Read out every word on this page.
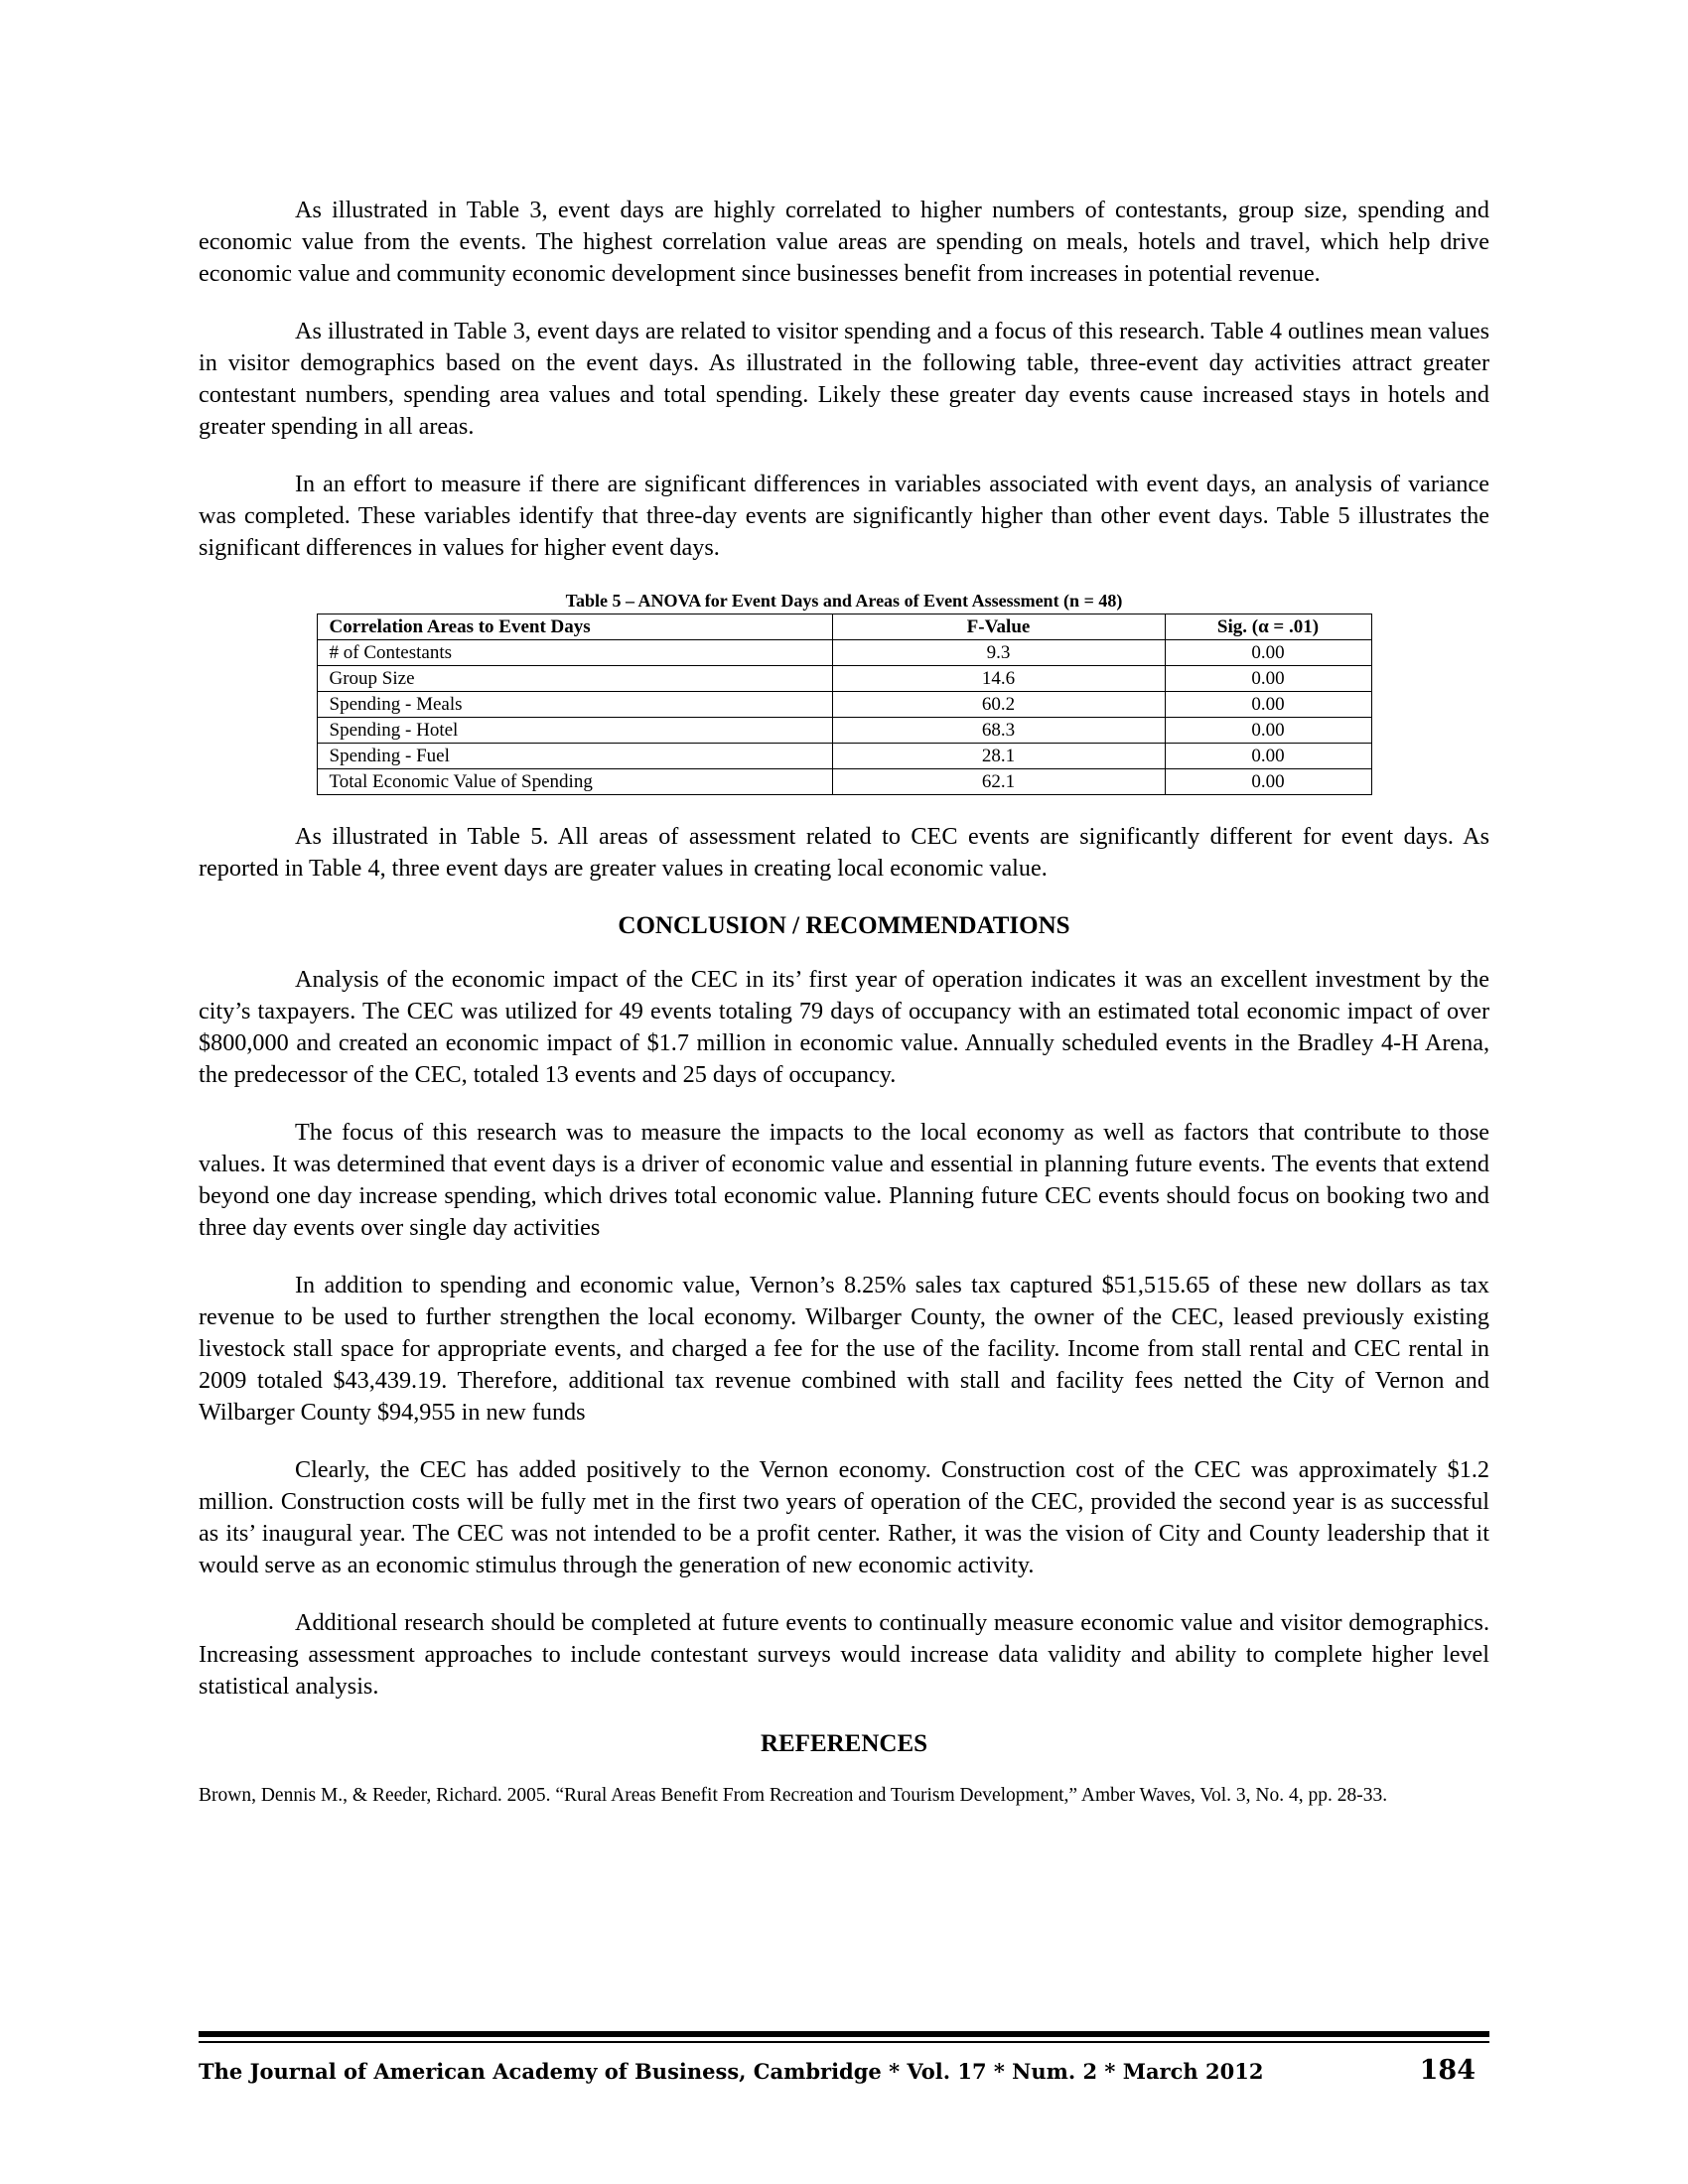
As illustrated in Table 3, event days are highly correlated to higher numbers of contestants, group size, spending and economic value from the events. The highest correlation value areas are spending on meals, hotels and travel, which help drive economic value and community economic development since businesses benefit from increases in potential revenue.

As illustrated in Table 3, event days are related to visitor spending and a focus of this research. Table 4 outlines mean values in visitor demographics based on the event days. As illustrated in the following table, three-event day activities attract greater contestant numbers, spending area values and total spending. Likely these greater day events cause increased stays in hotels and greater spending in all areas.

In an effort to measure if there are significant differences in variables associated with event days, an analysis of variance was completed. These variables identify that three-day events are significantly higher than other event days. Table 5 illustrates the significant differences in values for higher event days.

Table 5 – ANOVA for Event Days and Areas of Event Assessment (n = 48)
Correlation Areas to Event Days	F-Value	Sig. (α = .01)
# of Contestants	9.3	0.00
Group Size	14.6	0.00
Spending - Meals	60.2	0.00
Spending - Hotel	68.3	0.00
Spending - Fuel	28.1	0.00
Total Economic Value of Spending	62.1	0.00

As illustrated in Table 5. All areas of assessment related to CEC events are significantly different for event days. As reported in Table 4, three event days are greater values in creating local economic value.

CONCLUSION / RECOMMENDATIONS

Analysis of the economic impact of the CEC in its’ first year of operation indicates it was an excellent investment by the city’s taxpayers. The CEC was utilized for 49 events totaling 79 days of occupancy with an estimated total economic impact of over $800,000 and created an economic impact of $1.7 million in economic value. Annually scheduled events in the Bradley 4-H Arena, the predecessor of the CEC, totaled 13 events and 25 days of occupancy.

The focus of this research was to measure the impacts to the local economy as well as factors that contribute to those values. It was determined that event days is a driver of economic value and essential in planning future events. The events that extend beyond one day increase spending, which drives total economic value. Planning future CEC events should focus on booking two and three day events over single day activities

In addition to spending and economic value, Vernon’s 8.25% sales tax captured $51,515.65 of these new dollars as tax revenue to be used to further strengthen the local economy. Wilbarger County, the owner of the CEC, leased previously existing livestock stall space for appropriate events, and charged a fee for the use of the facility. Income from stall rental and CEC rental in 2009 totaled $43,439.19. Therefore, additional tax revenue combined with stall and facility fees netted the City of Vernon and Wilbarger County $94,955 in new funds

Clearly, the CEC has added positively to the Vernon economy. Construction cost of the CEC was approximately $1.2 million. Construction costs will be fully met in the first two years of operation of the CEC, provided the second year is as successful as its’ inaugural year. The CEC was not intended to be a profit center. Rather, it was the vision of City and County leadership that it would serve as an economic stimulus through the generation of new economic activity.

Additional research should be completed at future events to continually measure economic value and visitor demographics. Increasing assessment approaches to include contestant surveys would increase data validity and ability to complete higher level statistical analysis.

REFERENCES

Brown, Dennis M., & Reeder, Richard. 2005. “Rural Areas Benefit From Recreation and Tourism Development,” Amber Waves, Vol. 3, No. 4, pp. 28-33.

The Journal of American Academy of Business, Cambridge * Vol. 17 * Num. 2 * March 2012	184
